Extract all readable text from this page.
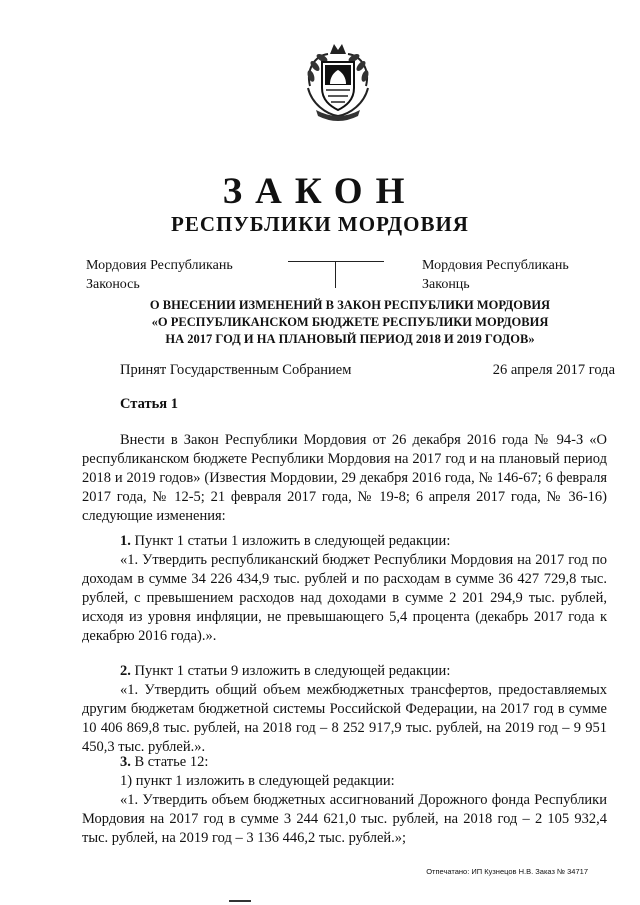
ЗАКОН
РЕСПУБЛИКИ МОРДОВИЯ
Мордовия Республикань
Законось
Мордовия Республикань
Законць
О ВНЕСЕНИИ ИЗМЕНЕНИЙ В ЗАКОН РЕСПУБЛИКИ МОРДОВИЯ
«О РЕСПУБЛИКАНСКОМ БЮДЖЕТЕ РЕСПУБЛИКИ МОРДОВИЯ
НА 2017 ГОД И НА ПЛАНОВЫЙ ПЕРИОД 2018 И 2019 ГОДОВ»
Принят Государственным Собранием	26 апреля 2017 года
Статья 1
Внести в Закон Республики Мордовия от 26 декабря 2016 года № 94-З «О республиканском бюджете Республики Мордовия на 2017 год и на плановый период 2018 и 2019 годов» (Известия Мордовии, 29 декабря 2016 года, № 146-67; 6 февраля 2017 года, № 12-5; 21 февраля 2017 года, № 19-8; 6 апреля 2017 года, № 36-16) следующие изменения:
1. Пункт 1 статьи 1 изложить в следующей редакции:
«1. Утвердить республиканский бюджет Республики Мордовия на 2017 год по доходам в сумме 34 226 434,9 тыс. рублей и по расходам в сумме 36 427 729,8 тыс. рублей, с превышением расходов над доходами в сумме 2 201 294,9 тыс. рублей, исходя из уровня инфляции, не превышающего 5,4 процента (декабрь 2017 года к декабрю 2016 года).».
2. Пункт 1 статьи 9 изложить в следующей редакции:
«1. Утвердить общий объем межбюджетных трансфертов, предоставляемых другим бюджетам бюджетной системы Российской Федерации, на 2017 год в сумме 10 406 869,8 тыс. рублей, на 2018 год – 8 252 917,9 тыс. рублей, на 2019 год – 9 951 450,3 тыс. рублей.».
3. В статье 12:
1) пункт 1 изложить в следующей редакции:
«1. Утвердить объем бюджетных ассигнований Дорожного фонда Республики Мордовия на 2017 год в сумме 3 244 621,0 тыс. рублей, на 2018 год – 2 105 932,4 тыс. рублей, на 2019 год – 3 136 446,2 тыс. рублей.»;
Отпечатано: ИП Кузнецов Н.В. Заказ № 34717
